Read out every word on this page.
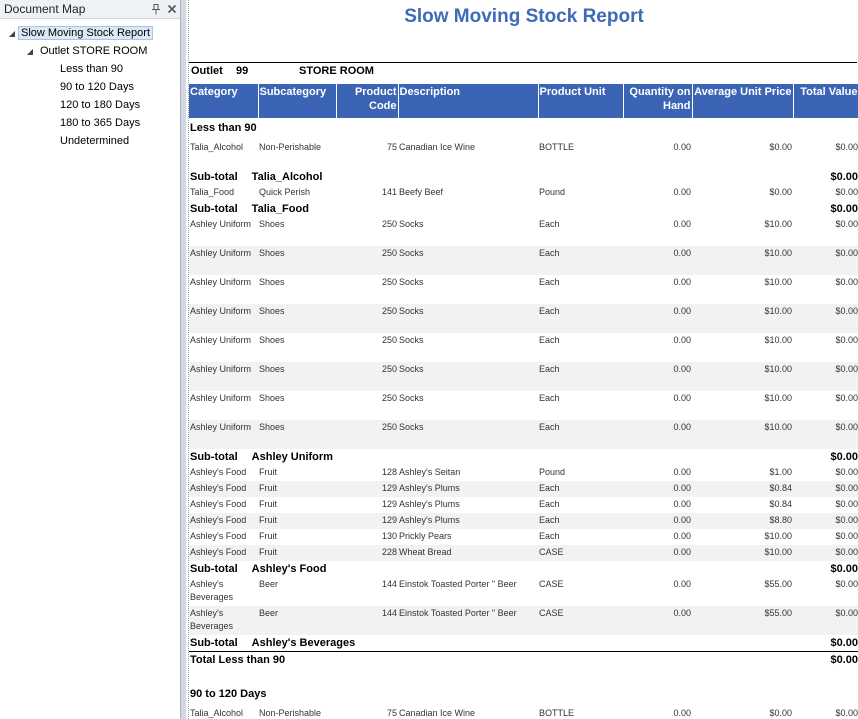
Document Map
◢ Slow Moving Stock Report
◢ Outlet STORE ROOM
Less than 90
90 to 120 Days
120 to 180 Days
180 to 365 Days
Undetermined
Slow Moving Stock Report
Outlet 99	STORE ROOM
Category	Subcategory	Product Code	Description	Product Unit	Quantity on Hand	Average Unit Price	Total Value
Less than 90							
Talia_Alcohol	Non-Perishable	75	Canadian Ice Wine	BOTTLE	0.00	$0.00	$0.00
Sub-total Talia_Alcohol							$0.00
Talia_Food	Quick Perish	141	Beefy Beef	Pound	0.00	$0.00	$0.00
Sub-total Talia_Food							$0.00
Ashley Uniform	Shoes	250	Socks	Each	0.00	$10.00	$0.00
Ashley Uniform	Shoes	250	Socks	Each	0.00	$10.00	$0.00
Ashley Uniform	Shoes	250	Socks	Each	0.00	$10.00	$0.00
Ashley Uniform	Shoes	250	Socks	Each	0.00	$10.00	$0.00
Ashley Uniform	Shoes	250	Socks	Each	0.00	$10.00	$0.00
Ashley Uniform	Shoes	250	Socks	Each	0.00	$10.00	$0.00
Ashley Uniform	Shoes	250	Socks	Each	0.00	$10.00	$0.00
Ashley Uniform	Shoes	250	Socks	Each	0.00	$10.00	$0.00
Sub-total Ashley Uniform							$0.00
Ashley's Food	Fruit	128	Ashley's Seitan	Pound	0.00	$1.00	$0.00
Ashley's Food	Fruit	129	Ashley's Plums	Each	0.00	$0.84	$0.00
Ashley's Food	Fruit	129	Ashley's Plums	Each	0.00	$0.84	$0.00
Ashley's Food	Fruit	129	Ashley's Plums	Each	0.00	$8.80	$0.00
Ashley's Food	Fruit	130	Prickly Pears	Each	0.00	$10.00	$0.00
Ashley's Food	Fruit	228	Wheat Bread	CASE	0.00	$10.00	$0.00
Sub-total Ashley's Food							$0.00
Ashley's Beverages	Beer	144	Einstok Toasted Porter " Beer	CASE	0.00	$55.00	$0.00
Ashley's Beverages	Beer	144	Einstok Toasted Porter " Beer	CASE	0.00	$55.00	$0.00
Sub-total Ashley's Beverages							$0.00
Total Less than 90							$0.00
90 to 120 Days							
Talia_Alcohol	Non-Perishable	75	Canadian Ice Wine	BOTTLE	0.00	$0.00	$0.00
